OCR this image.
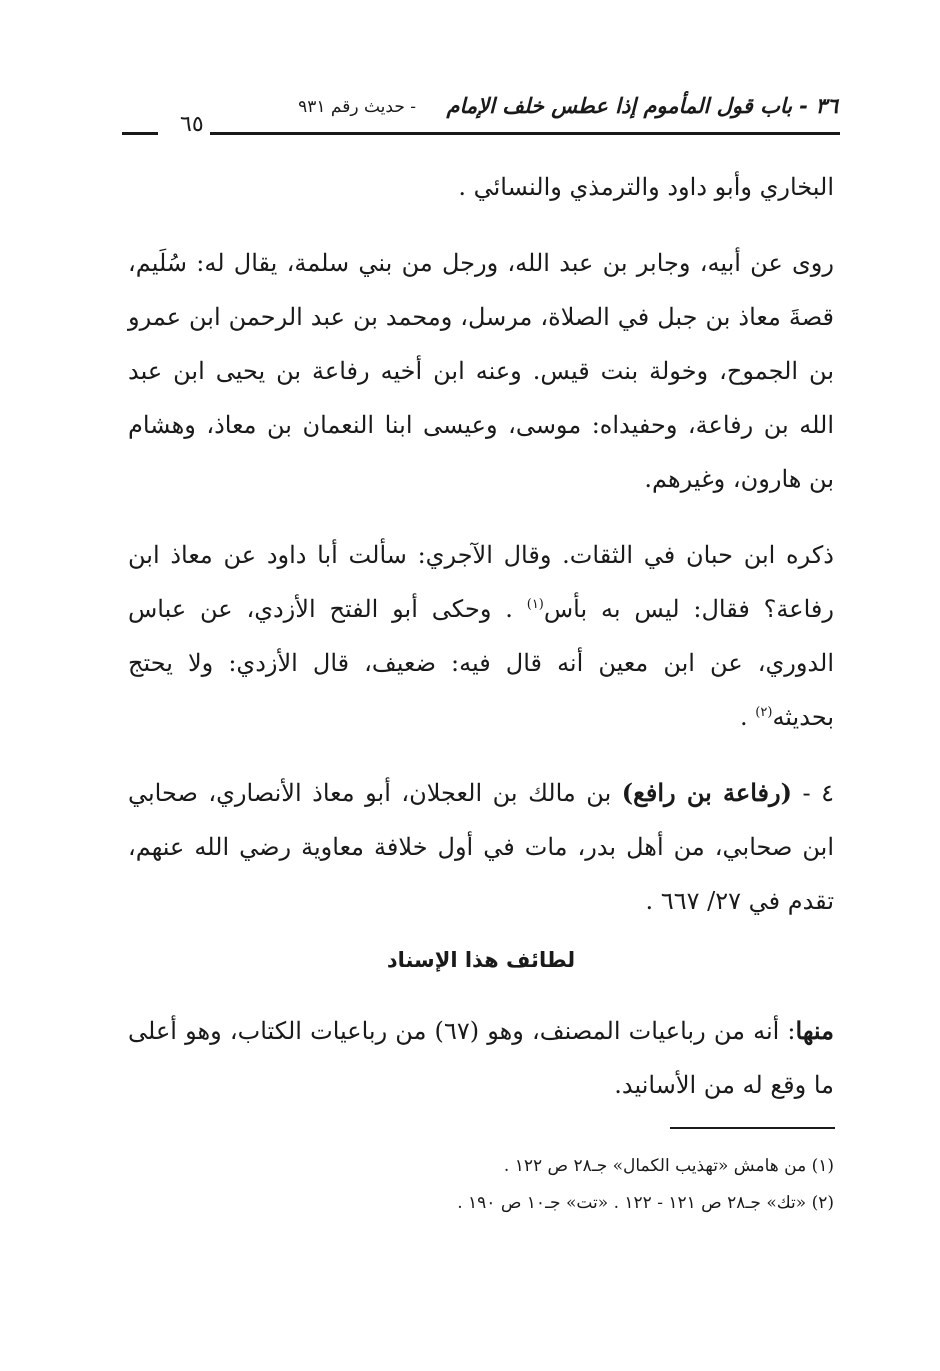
٣٦ - باب قول المأموم إذا عطس خلف الإمام
- حديث رقم ٩٣١
٦٥

البخاري وأبو داود والترمذي والنسائي .

روى عن أبيه، وجابر بن عبد الله، ورجل من بني سلمة، يقال له: سُلَيم، قصةَ معاذ بن جبل في الصلاة، مرسل، ومحمد بن عبد الرحمن ابن عمرو بن الجموح، وخولة بنت قيس. وعنه ابن أخيه رفاعة بن يحيى ابن عبد الله بن رفاعة، وحفيداه: موسى، وعيسى ابنا النعمان بن معاذ، وهشام بن هارون، وغيرهم.

ذكره ابن حبان في الثقات. وقال الآجري: سألت أبا داود عن معاذ ابن رفاعة؟ فقال: ليس به بأس$^{(١)}$ . وحكى أبو الفتح الأزدي، عن عباس الدوري، عن ابن معين أنه قال فيه: ضعيف، قال الأزدي: ولا يحتج بحديثه$^{(٢)}$ .

٤ - (رفاعة بن رافع) بن مالك بن العجلان، أبو معاذ الأنصاري، صحابي ابن صحابي، من أهل بدر، مات في أول خلافة معاوية رضي الله عنهم، تقدم في ٢٧/ ٦٦٧ .

لطائف هذا الإسناد

منها: أنه من رباعيات المصنف، وهو (٦٧) من رباعيات الكتاب، وهو أعلى ما وقع له من الأسانيد.

(١) من هامش «تهذيب الكمال» جـ٢٨ ص ١٢٢ .
(٢) «تك» جـ٢٨ ص ١٢١ - ١٢٢ . «تت» جـ١٠ ص ١٩٠ .
